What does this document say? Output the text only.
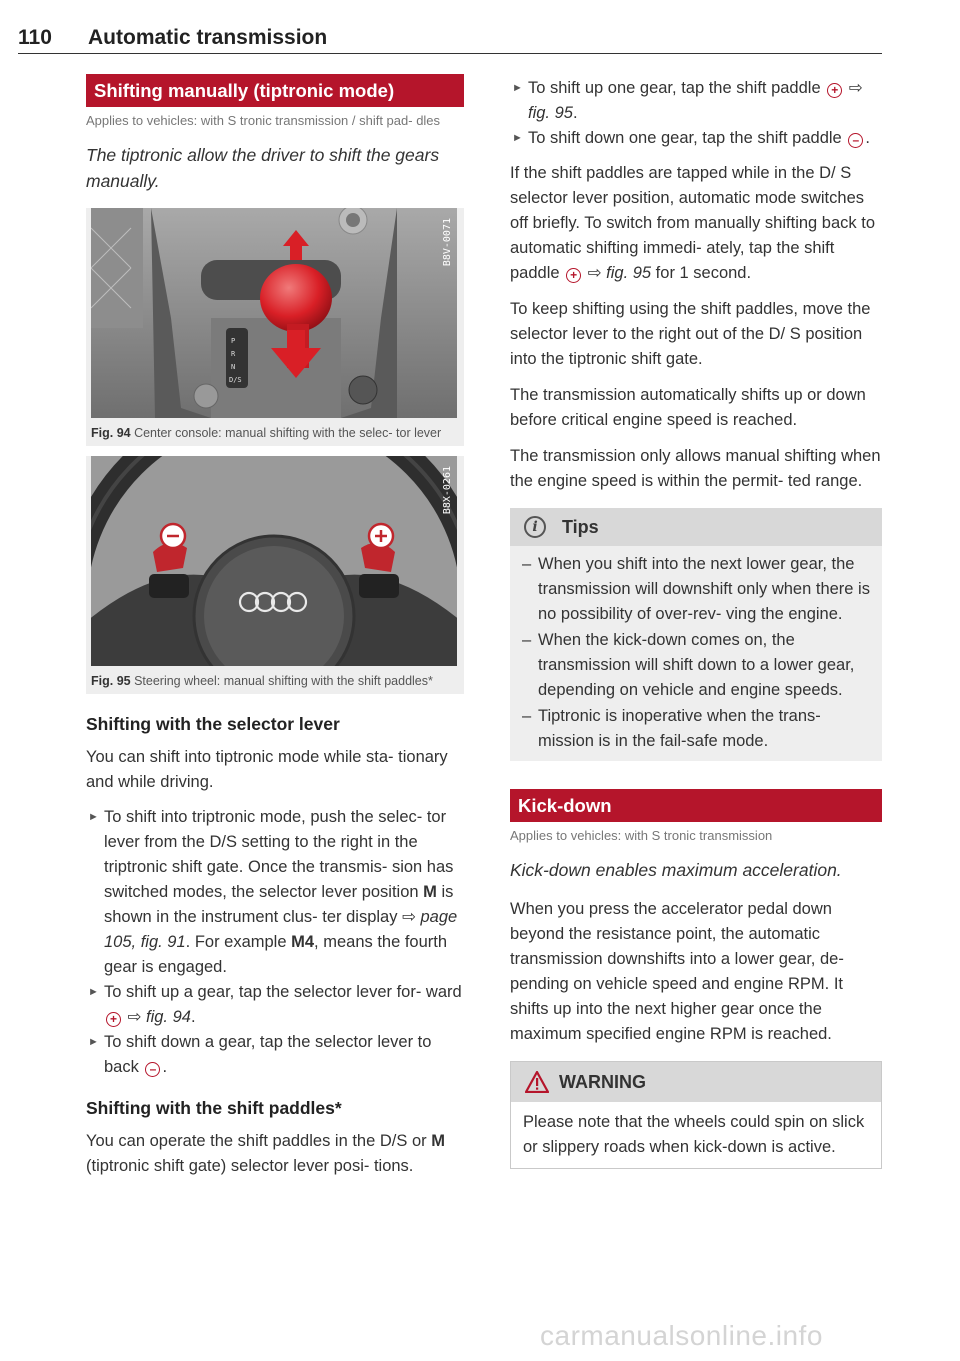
110 Automatic transmission
Shifting manually (tiptronic mode)
Applies to vehicles: with S tronic transmission / shift pad- dles
The tiptronic allow the driver to shift the gears manually.
P
R
N
D/S
B8V-0071
Fig. 94 Center console: manual shifting with the selec- tor lever
B8X-0261
Fig. 95 Steering wheel: manual shifting with the shift paddles*
Shifting with the selector lever

You can shift into tiptronic mode while sta- tionary and while driving.

► To shift into triptronic mode, push the selec- tor lever from the D/S setting to the right in the triptronic shift gate. Once the transmis- sion has switched modes, the selector lever position M is shown in the instrument clus- ter display ⇨ page 105, fig. 91. For example M4, means the fourth gear is engaged.
► To shift up a gear, tap the selector lever for- ward + ⇨ fig. 94.
► To shift down a gear, tap the selector lever to back – .
Shifting with the shift paddles*

You can operate the shift paddles in the D/S or M (tiptronic shift gate) selector lever posi- tions.

► To shift up one gear, tap the shift paddle + ⇨ fig. 95.
► To shift down one gear, tap the shift paddle – .

If the shift paddles are tapped while in the D/ S selector lever position, automatic mode switches off briefly. To switch from manually shifting back to automatic shifting immedi- ately, tap the shift paddle + ⇨ fig. 95 for 1 second.

To keep shifting using the shift paddles, move the selector lever to the right out of the D/ S position into the tiptronic shift gate.

The transmission automatically shifts up or down before critical engine speed is reached.

The transmission only allows manual shifting when the engine speed is within the permit- ted range.

i	Tips
– When you shift into the next lower gear, the transmission will downshift only when there is no possibility of over-rev- ving the engine.
– When the kick-down comes on, the transmission will shift down to a lower gear, depending on vehicle and engine speeds.
– Tiptronic is inoperative when the trans- mission is in the fail-safe mode.
Kick-down
Applies to vehicles: with S tronic transmission
Kick-down enables maximum acceleration.

When you press the accelerator pedal down beyond the resistance point, the automatic transmission downshifts into a lower gear, de- pending on vehicle speed and engine RPM. It shifts up into the next higher gear once the maximum specified engine RPM is reached.

WARNING
Please note that the wheels could spin on slick or slippery roads when kick-down is active.
carmanualsonline.info
